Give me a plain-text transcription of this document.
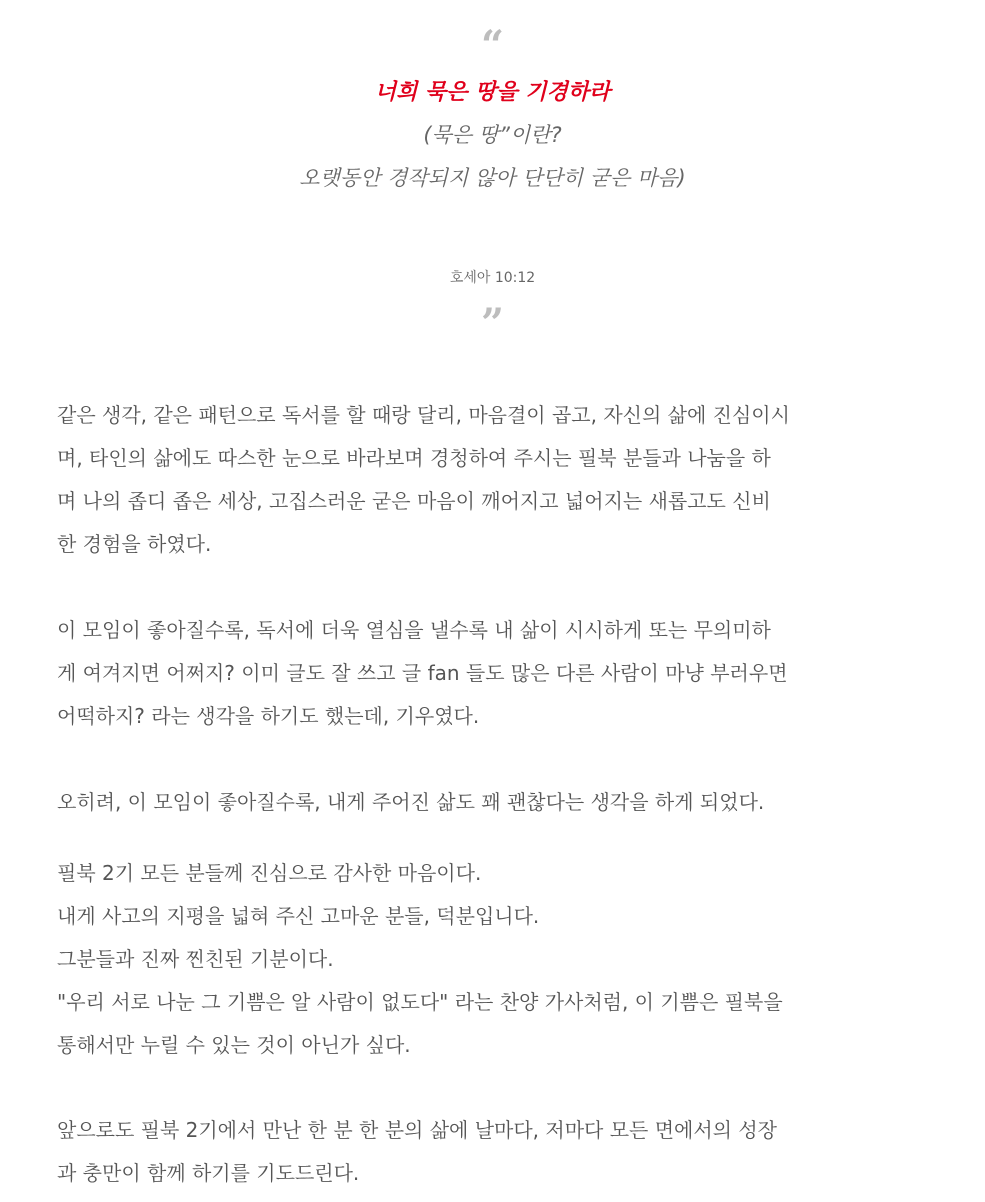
“
너희 묵은 땅을 기경하라
(묵은 땅”이란?
오랫동안 경작되지 않아 단단히 굳은 마음)
호세아 10:12
”
같은 생각, 같은 패턴으로 독서를 할 때랑 달리, 마음결이 곱고, 자신의 삶에 진심이시
며, 타인의 삶에도 따스한 눈으로 바라보며 경청하여 주시는 필북 분들과 나눔을 하
며 나의 좁디 좁은 세상, 고집스러운 굳은 마음이 깨어지고 넓어지는 새롭고도 신비
한 경험을 하였다.
이 모임이 좋아질수록, 독서에 더욱 열심을 낼수록 내 삶이 시시하게 또는 무의미하
게 여겨지면 어쩌지? 이미 글도 잘 쓰고 글 fan 들도 많은 다른 사람이 마냥 부러우면
어떡하지? 라는 생각을 하기도 했는데, 기우였다.
오히려, 이 모임이 좋아질수록, 내게 주어진 삶도 꽤 괜찮다는 생각을 하게 되었다.
필북 2기 모든 분들께 진심으로 감사한 마음이다.
내게 사고의 지평을 넓혀 주신 고마운 분들, 덕분입니다.
그분들과 진짜 찐친된 기분이다.
"우리 서로 나눈 그 기쁨은 알 사람이 없도다" 라는 찬양 가사처럼, 이 기쁨은 필북을
통해서만 누릴 수 있는 것이 아닌가 싶다.
앞으로도 필북 2기에서 만난 한 분 한 분의 삶에 날마다, 저마다 모든 면에서의 성장
과 충만이 함께 하기를 기도드린다.
